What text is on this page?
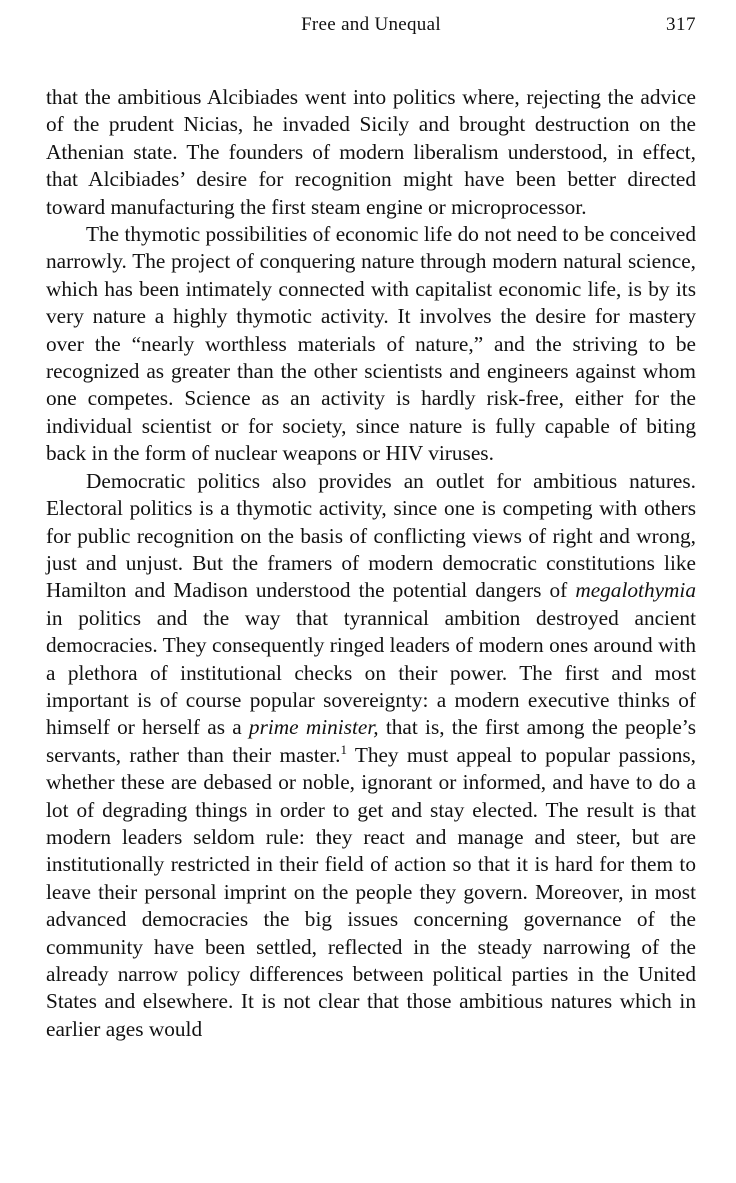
Free and Unequal	317

that the ambitious Alcibiades went into politics where, rejecting the advice of the prudent Nicias, he invaded Sicily and brought destruction on the Athenian state. The founders of modern liberalism understood, in effect, that Alcibiades’ desire for recognition might have been better directed toward manufacturing the first steam engine or microprocessor.

The thymotic possibilities of economic life do not need to be conceived narrowly. The project of conquering nature through modern natural science, which has been intimately connected with capitalist economic life, is by its very nature a highly thymotic activity. It involves the desire for mastery over the “nearly worthless materials of nature,” and the striving to be recognized as greater than the other scientists and engineers against whom one competes. Science as an activity is hardly risk-free, either for the individual scientist or for society, since nature is fully capable of biting back in the form of nuclear weapons or HIV viruses.

Democratic politics also provides an outlet for ambitious natures. Electoral politics is a thymotic activity, since one is competing with others for public recognition on the basis of conflicting views of right and wrong, just and unjust. But the framers of modern democratic constitutions like Hamilton and Madison understood the potential dangers of megalothymia in politics and the way that tyrannical ambition destroyed ancient democracies. They consequently ringed leaders of modern ones around with a plethora of institutional checks on their power. The first and most important is of course popular sovereignty: a modern executive thinks of himself or herself as a prime minister, that is, the first among the people’s servants, rather than their master.$^1$ They must appeal to popular passions, whether these are debased or noble, ignorant or informed, and have to do a lot of degrading things in order to get and stay elected. The result is that modern leaders seldom rule: they react and manage and steer, but are institutionally restricted in their field of action so that it is hard for them to leave their personal imprint on the people they govern. Moreover, in most advanced democracies the big issues concerning governance of the community have been settled, reflected in the steady narrowing of the already narrow policy differences between political parties in the United States and elsewhere. It is not clear that those ambitious natures which in earlier ages would
